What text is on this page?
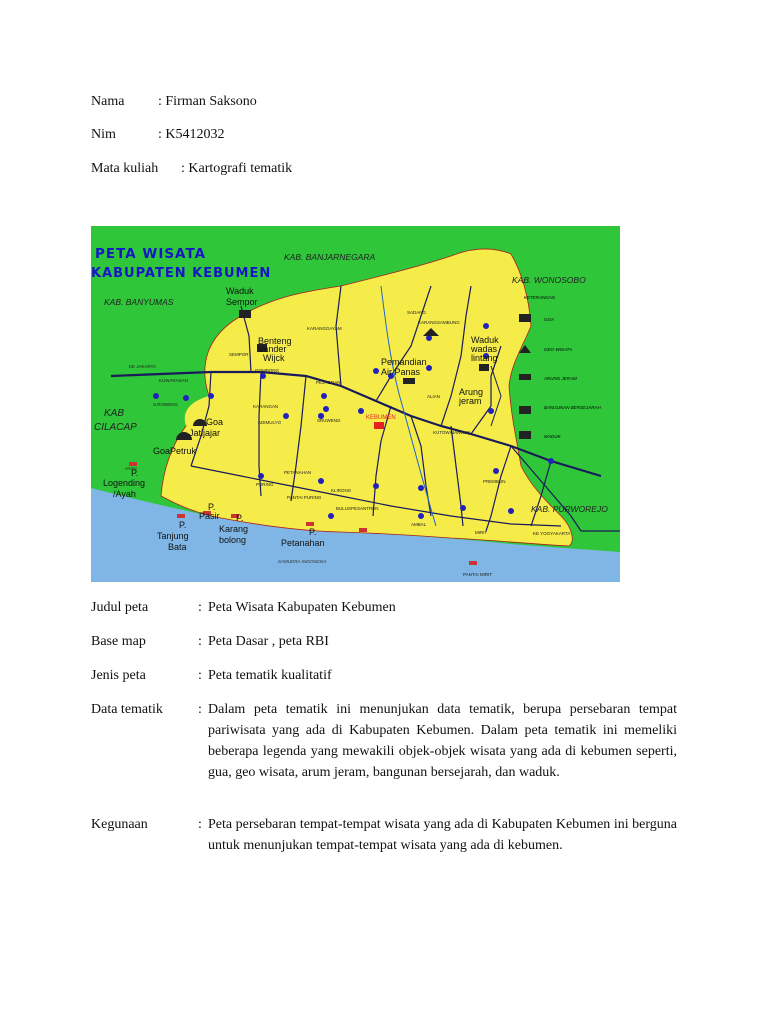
Nama : Firman Saksono
Nim	: K5412032
Mata kuliah : Kartografi tematik
KETERANGAN
GOA
GEO-WISATA
ARUNG JERAM
BANGUNAN BERSEJARAH
WADUK
PETA WISATA
KABUPATEN KEBUMEN
KAB. BANJARNEGARA
KAB. WONOSOBO
KAB. BANYUMAS
KAB
CILACAP
KAB. PURWOREJO
KE YOGYAKARTA
KE JAKARTA
SAMUDRA INDONESIA
Waduk
Sempor
Benteng
Vander
Wijck	Pemandian
Air Panas
Waduk
wadas
lintang
Arung
jeram
Goa
Jatijajar
GoaPetruk
P.
Logending
/Ayah
P.
Pasir
P.
Tanjung
Bata
P.
Karang
bolong
P.
Petanahan
KEBUMEN
SADANG
KARANGGAYAM
SEMPOR
GOMBONG
KARANGAN
ADIMULYO
KUWARASAN	PEJAGOAN
SRUWENG
ALIAN
KUTOWINANGUN
PREMBUN
PETANAHAN
PURING
KLIRONG
BULUSPESANTREN
AMBAL
MIRIT
S.ROWENG
AYAH
KARANGSAMBUNG
PANTAI PURING
PANTAI MIRIT
Judul peta	: Peta Wisata Kabupaten Kebumen
Base map	: Peta Dasar , peta RBI
Jenis peta	: Peta tematik kualitatif
Data tematik	: Dalam peta tematik ini menunjukan data tematik, berupa persebaran tempat pariwisata yang ada di Kabupaten Kebumen. Dalam peta tematik ini memeliki beberapa legenda yang mewakili objek-objek wisata yang ada di kebumen seperti, gua, geo wisata, arum jeram, bangunan bersejarah, dan waduk.
Kegunaan	: Peta persebaran tempat-tempat wisata yang ada di Kabupaten Kebumen ini berguna untuk menunjukan tempat-tempat wisata yang ada di kebumen.
